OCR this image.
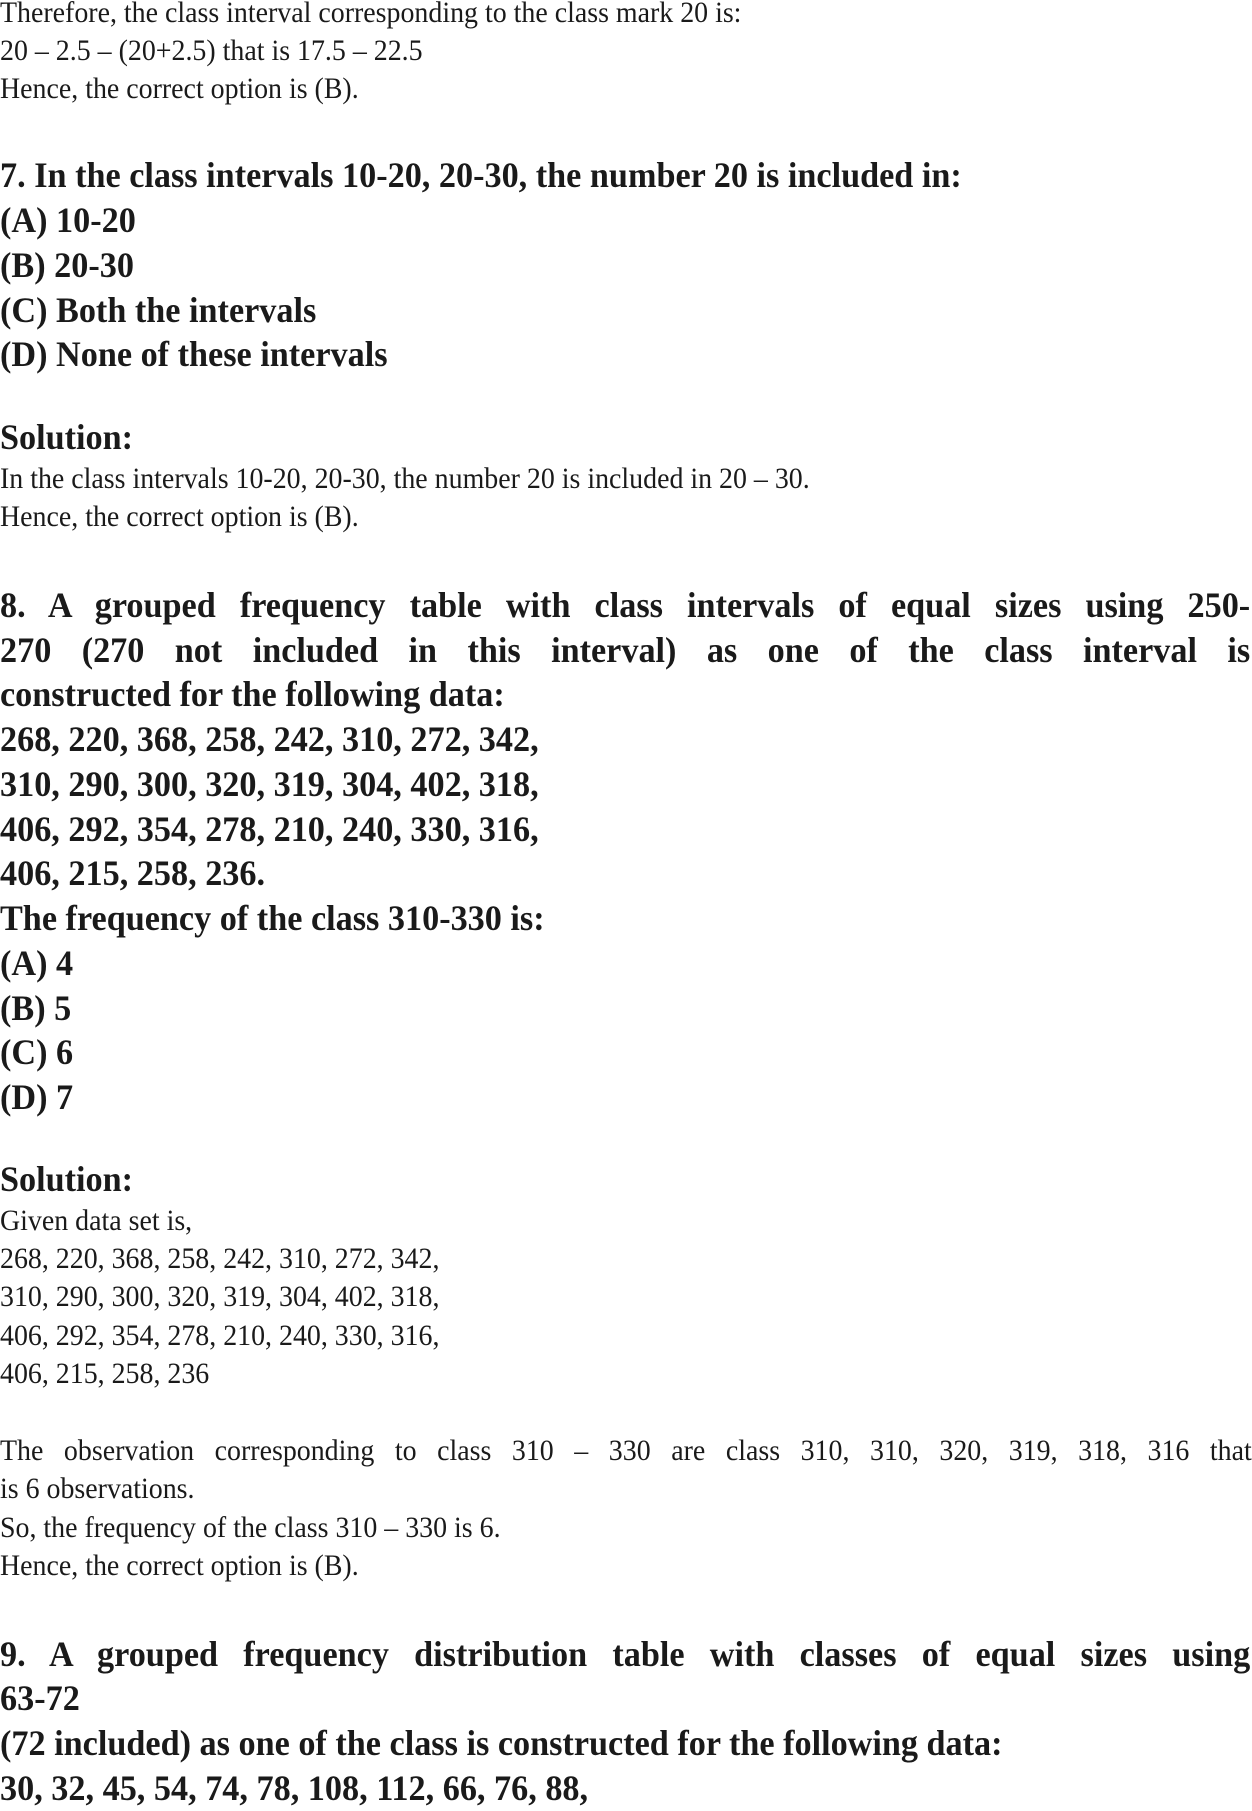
Therefore, the class interval corresponding to the class mark 20 is:
20 – 2.5 – (20+2.5) that is 17.5 – 22.5
Hence, the correct option is (B).
7. In the class intervals 10-20, 20-30, the number 20 is included in:
(A) 10-20
(B) 20-30
(C) Both the intervals
(D) None of these intervals
Solution:
In the class intervals 10-20, 20-30, the number 20 is included in 20 – 30.
Hence, the correct option is (B).
8. A grouped frequency table with class intervals of equal sizes using 250-
270 (270 not included in this interval) as one of the class interval is
constructed for the following data:
268, 220, 368, 258, 242, 310, 272, 342,
310, 290, 300, 320, 319, 304, 402, 318,
406, 292, 354, 278, 210, 240, 330, 316,
406, 215, 258, 236.
The frequency of the class 310-330 is:
(A) 4
(B) 5
(C) 6
(D) 7
Solution:
Given data set is,
268, 220, 368, 258, 242, 310, 272, 342,
310, 290, 300, 320, 319, 304, 402, 318,
406, 292, 354, 278, 210, 240, 330, 316,
406, 215, 258, 236
The observation corresponding to class 310 – 330 are class 310, 310, 320, 319, 318, 316 that
is 6 observations.
So, the frequency of the class 310 – 330 is 6.
Hence, the correct option is (B).
9. A grouped frequency distribution table with classes of equal sizes using
63-72
(72 included) as one of the class is constructed for the following data:
30, 32, 45, 54, 74, 78, 108, 112, 66, 76, 88,
